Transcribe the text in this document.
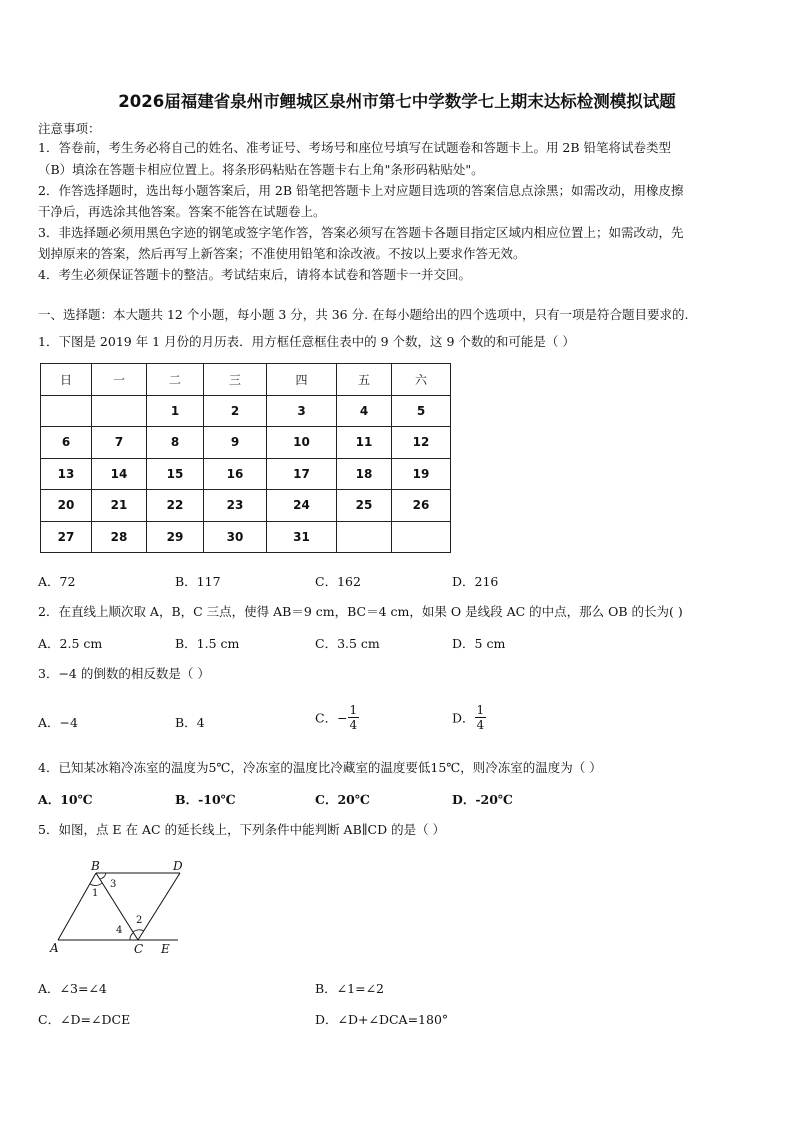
2026届福建省泉州市鲤城区泉州市第七中学数学七上期末达标检测模拟试题
注意事项：
1．答卷前，考生务必将自己的姓名、准考证号、考场号和座位号填写在试题卷和答题卡上。用 2B 铅笔将试卷类型
（B）填涂在答题卡相应位置上。将条形码粘贴在答题卡右上角"条形码粘贴处"。
2．作答选择题时，选出每小题答案后，用 2B 铅笔把答题卡上对应题目选项的答案信息点涂黑；如需改动，用橡皮擦
干净后，再选涂其他答案。答案不能答在试题卷上。
3．非选择题必须用黑色字迹的钢笔或签字笔作答，答案必须写在答题卡各题目指定区域内相应位置上；如需改动，先
划掉原来的答案，然后再写上新答案；不准使用铅笔和涂改液。不按以上要求作答无效。
4．考生必须保证答题卡的整洁。考试结束后，请将本试卷和答题卡一并交回。
一、选择题：本大题共 12 个小题，每小题 3 分，共 36 分. 在每小题给出的四个选项中，只有一项是符合题目要求的.
1．下图是 2019 年 1 月份的月历表．用方框任意框住表中的 9 个数，这 9 个数的和可能是（ ）
日	一	二	三	四	五	六
		1	2	3	4	5
6	7	8	9	10	11	12
13	14	15	16	17	18	19
20	21	22	23	24	25	26
27	28	29	30	31		
A．72	B．117	C．162	D．216
2．在直线上顺次取 A，B，C 三点，使得 AB＝9 cm，BC＝4 cm，如果 O 是线段 AC 的中点，那么 OB 的长为( )
A．2.5 cm	B．1.5 cm	C．3.5 cm	D．5 cm
3．−4 的倒数的相反数是（ ）
A．−4	B．4	C．− $\frac{1}{4}$	D． $\frac{1}{4}$
4．已知某冰箱冷冻室的温度为5℃，冷冻室的温度比冷藏室的温度要低15℃，则冷冻室的温度为（ ）
A．10℃	B．-10℃	C．20℃	D．-20℃
5．如图，点 E 在 AC 的延长线上，下列条件中能判断 AB∥CD 的是（ ）
B	D
A	C E
1
2
3
4
A．∠3=∠4	B．∠1=∠2
C．∠D=∠DCE	D．∠D+∠DCA=180°
